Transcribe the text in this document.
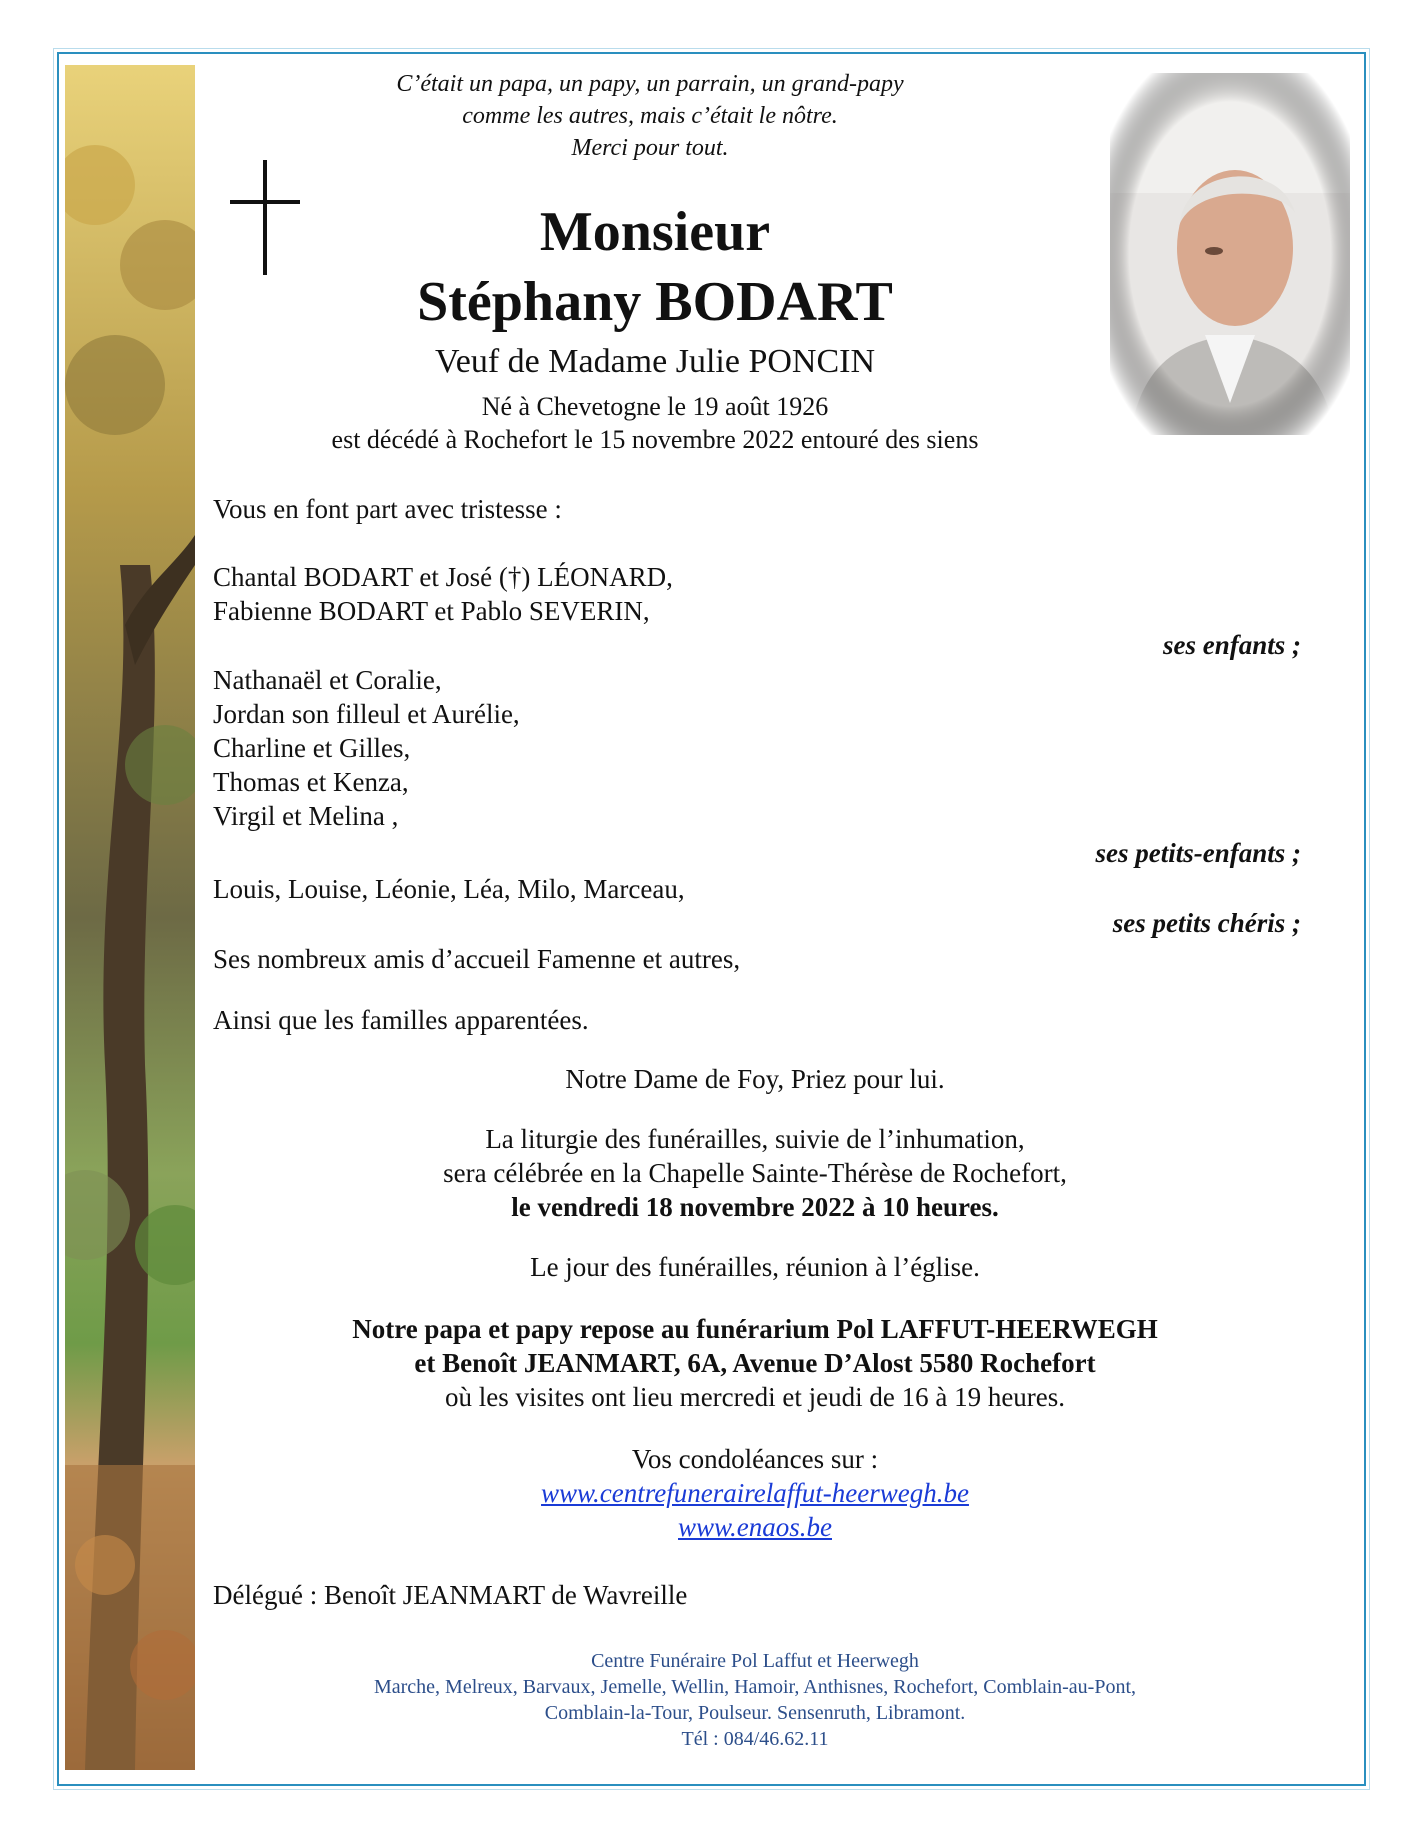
C’était un papa, un papy, un parrain, un grand-papy
comme les autres, mais c’était le nôtre.
Merci pour tout.
Monsieur
Stéphany BODART
Veuf de Madame Julie PONCIN
Né à Chevetogne le 19 août 1926
est décédé à Rochefort le 15 novembre 2022 entouré des siens
Vous en font part avec tristesse :
Chantal BODART et José (†) LÉONARD,
Fabienne BODART et Pablo SEVERIN,
ses enfants ;
Nathanaël et Coralie,
Jordan son filleul et Aurélie,
Charline et Gilles,
Thomas et Kenza,
Virgil et Melina ,
ses petits-enfants ;
Louis, Louise, Léonie, Léa, Milo, Marceau,
ses petits chéris ;
Ses nombreux amis d’accueil Famenne et autres,
Ainsi que les familles apparentées.
Notre Dame de Foy, Priez pour lui.
La liturgie des funérailles, suivie de l’inhumation,
sera célébrée en la Chapelle Sainte-Thérèse de Rochefort,
le vendredi 18 novembre 2022 à 10 heures.
Le jour des funérailles, réunion à l’église.
Notre papa et papy repose au funérarium Pol LAFFUT-HEERWEGH
et Benoît JEANMART, 6A, Avenue D’Alost 5580 Rochefort
où les visites ont lieu mercredi et jeudi de 16 à 19 heures.
Vos condoléances sur :
www.centrefunerairelaffut-heerwegh.be
www.enaos.be
Délégué : Benoît JEANMART de Wavreille
Centre Funéraire Pol Laffut et Heerwegh
Marche, Melreux, Barvaux, Jemelle, Wellin, Hamoir, Anthisnes, Rochefort, Comblain-au-Pont,
Comblain-la-Tour, Poulseur. Sensenruth, Libramont.
Tél : 084/46.62.11
